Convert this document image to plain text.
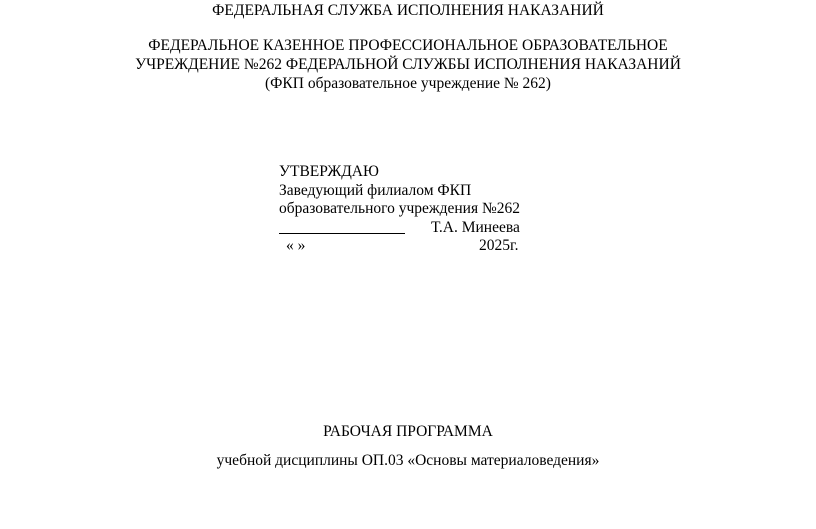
ФЕДЕРАЛЬНАЯ СЛУЖБА ИСПОЛНЕНИЯ НАКАЗАНИЙ
ФЕДЕРАЛЬНОЕ КАЗЕННОЕ ПРОФЕССИОНАЛЬНОЕ ОБРАЗОВАТЕЛЬНОЕ
УЧРЕЖДЕНИЕ №262 ФЕДЕРАЛЬНОЙ СЛУЖБЫ ИСПОЛНЕНИЯ НАКАЗАНИЙ
(ФКП образовательное учреждение № 262)
УТВЕРЖДАЮ
Заведующий филиалом ФКП
образовательного учреждения №262
Т.А. Минеева
« »	2025г.
РАБОЧАЯ ПРОГРАММА
учебной дисциплины ОП.03 «Основы материаловедения»
